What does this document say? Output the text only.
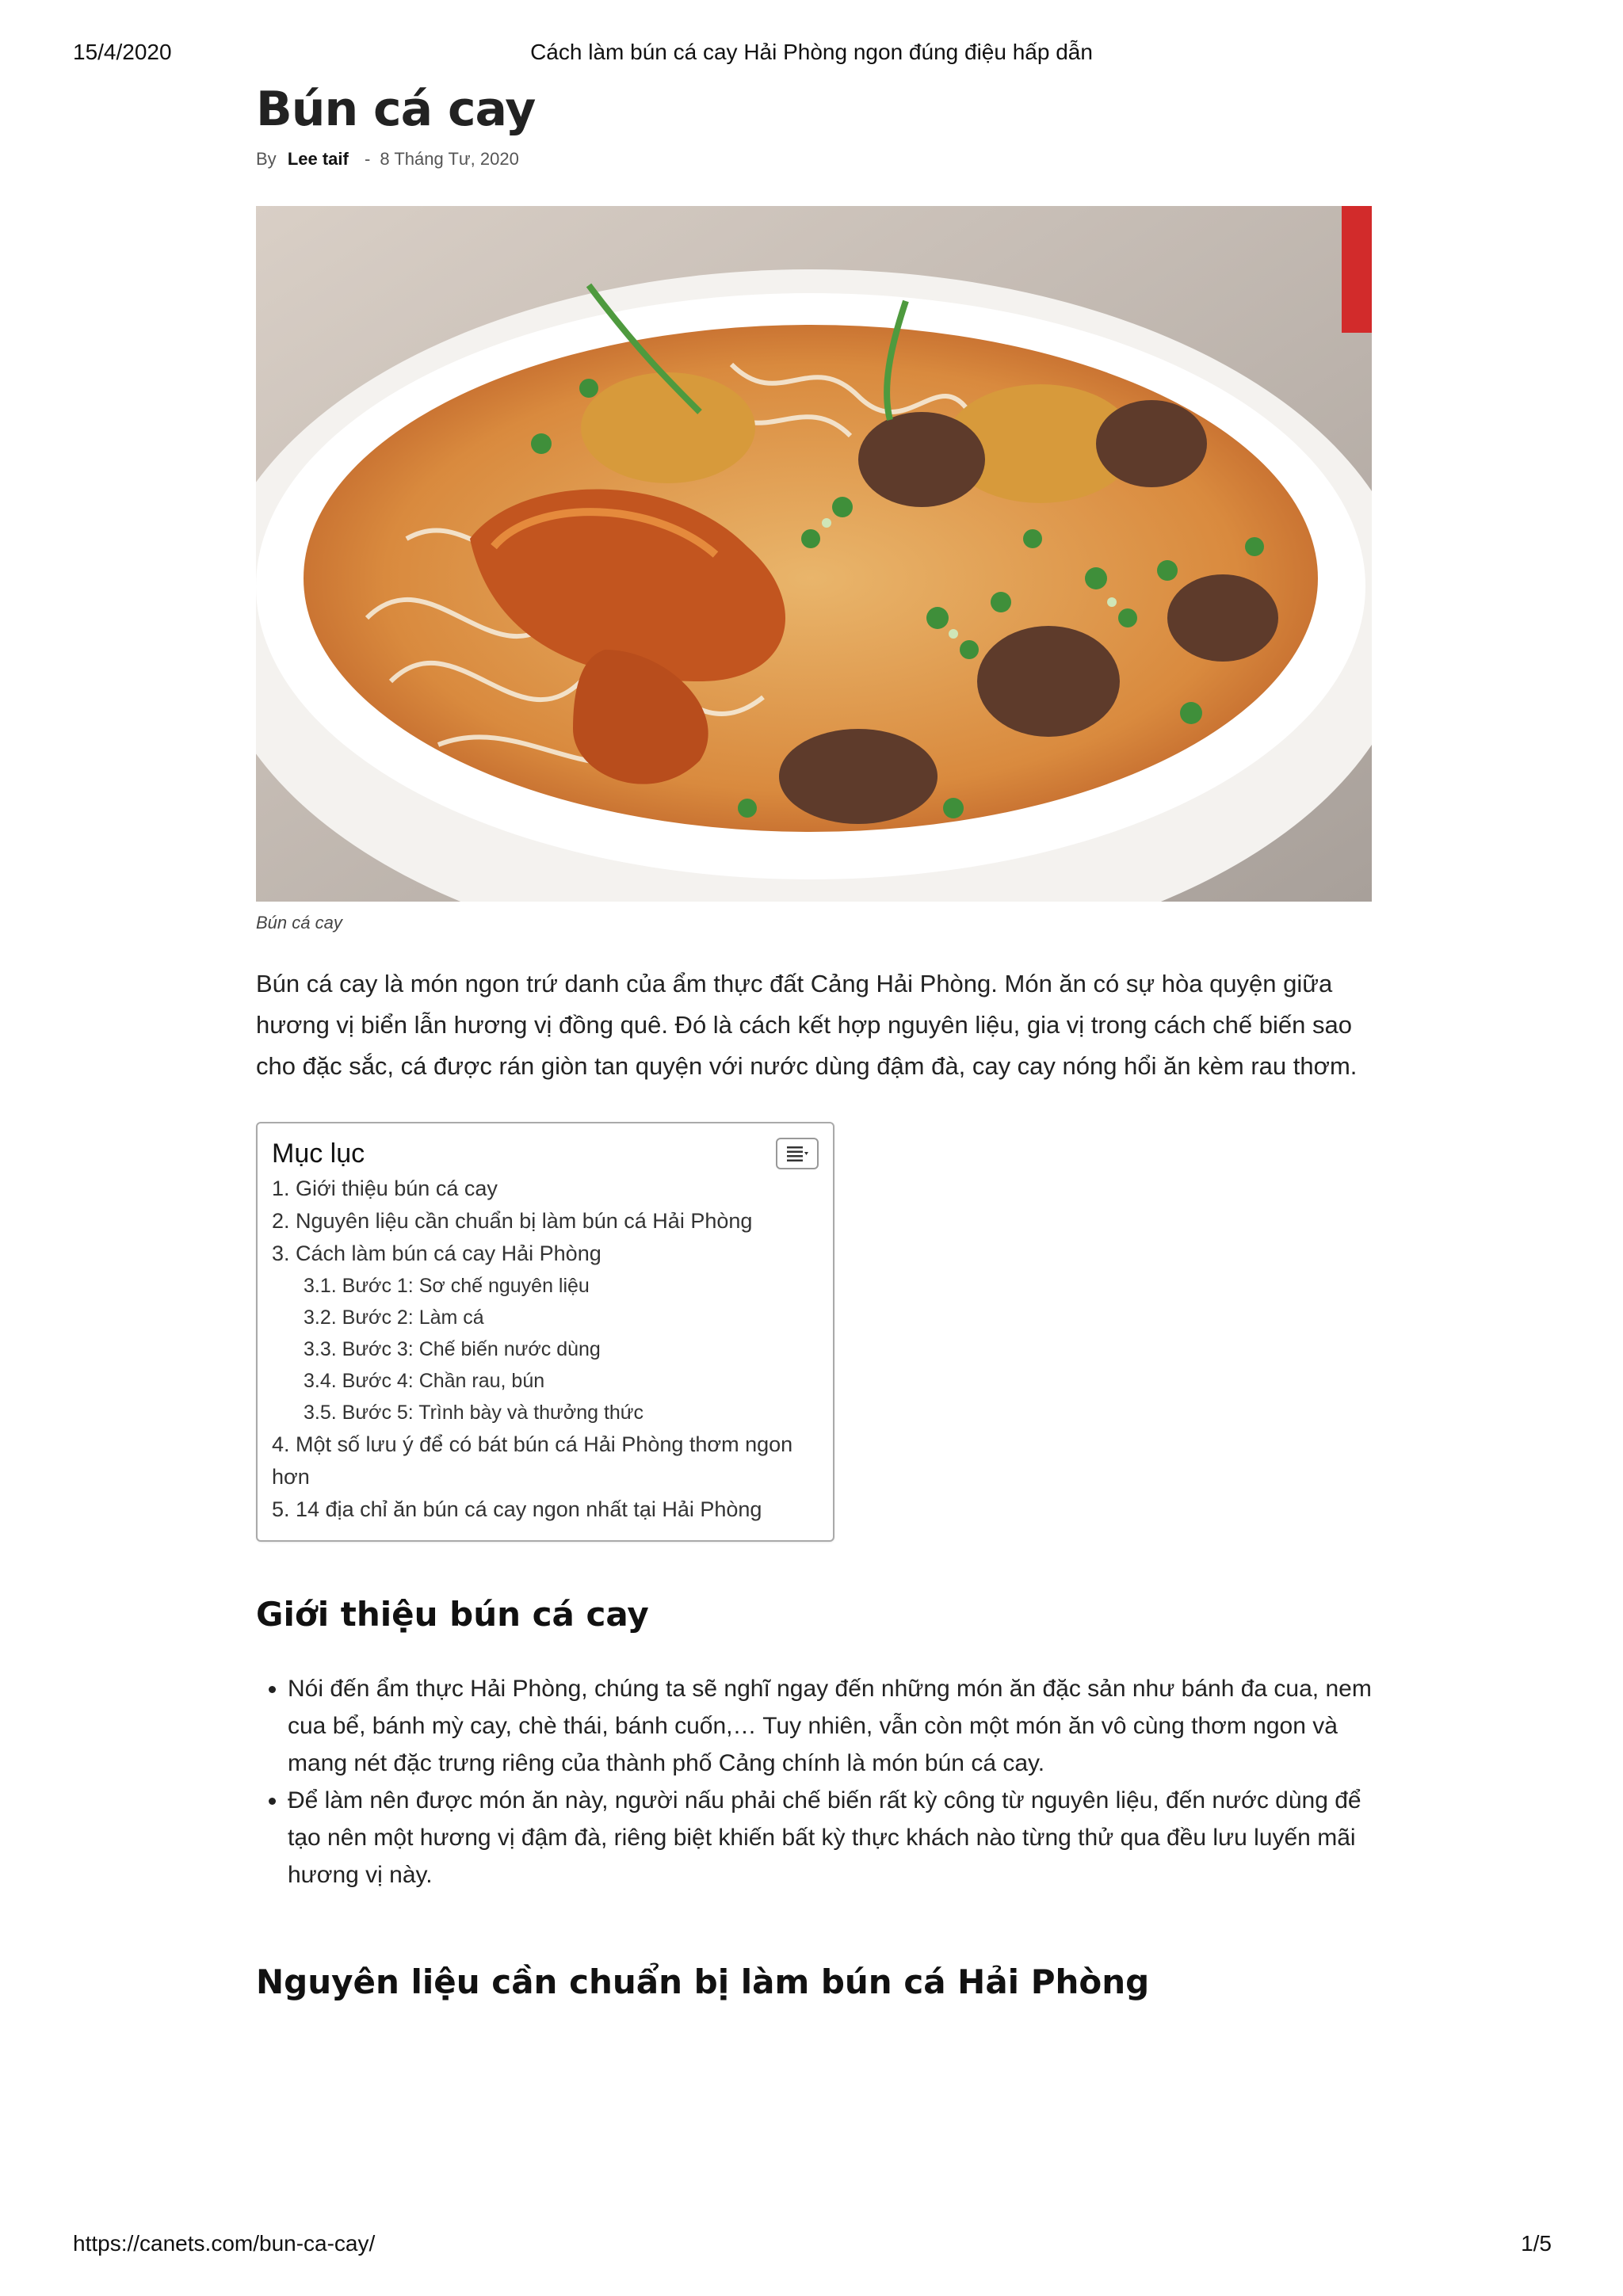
15/4/2020	Cách làm bún cá cay Hải Phòng ngon đúng điệu hấp dẫn
Bún cá cay
By Lee taif - 8 Tháng Tư, 2020
Bún cá cay

Bún cá cay là món ngon trứ danh của ẩm thực đất Cảng Hải Phòng. Món ăn có sự hòa quyện giữa hương vị biển lẫn hương vị đồng quê. Đó là cách kết hợp nguyên liệu, gia vị trong cách chế biến sao cho đặc sắc, cá được rán giòn tan quyện với nước dùng đậm đà, cay cay nóng hổi ăn kèm rau thơm.

Mục lục
1. Giới thiệu bún cá cay
2. Nguyên liệu cần chuẩn bị làm bún cá Hải Phòng
3. Cách làm bún cá cay Hải Phòng
3.1. Bước 1: Sơ chế nguyên liệu
3.2. Bước 2: Làm cá
3.3. Bước 3: Chế biến nước dùng
3.4. Bước 4: Chần rau, bún
3.5. Bước 5: Trình bày và thưởng thức
4. Một số lưu ý để có bát bún cá Hải Phòng thơm ngon hơn
5. 14 địa chỉ ăn bún cá cay ngon nhất tại Hải Phòng
Giới thiệu bún cá cay
• Nói đến ẩm thực Hải Phòng, chúng ta sẽ nghĩ ngay đến những món ăn đặc sản như bánh đa cua, nem cua bể, bánh mỳ cay, chè thái, bánh cuốn,… Tuy nhiên, vẫn còn một món ăn vô cùng thơm ngon và mang nét đặc trưng riêng của thành phố Cảng chính là món bún cá cay.
• Để làm nên được món ăn này, người nấu phải chế biến rất kỳ công từ nguyên liệu, đến nước dùng để tạo nên một hương vị đậm đà, riêng biệt khiến bất kỳ thực khách nào từng thử qua đều lưu luyến mãi hương vị này.
Nguyên liệu cần chuẩn bị làm bún cá Hải Phòng
https://canets.com/bun-ca-cay/	1/5
